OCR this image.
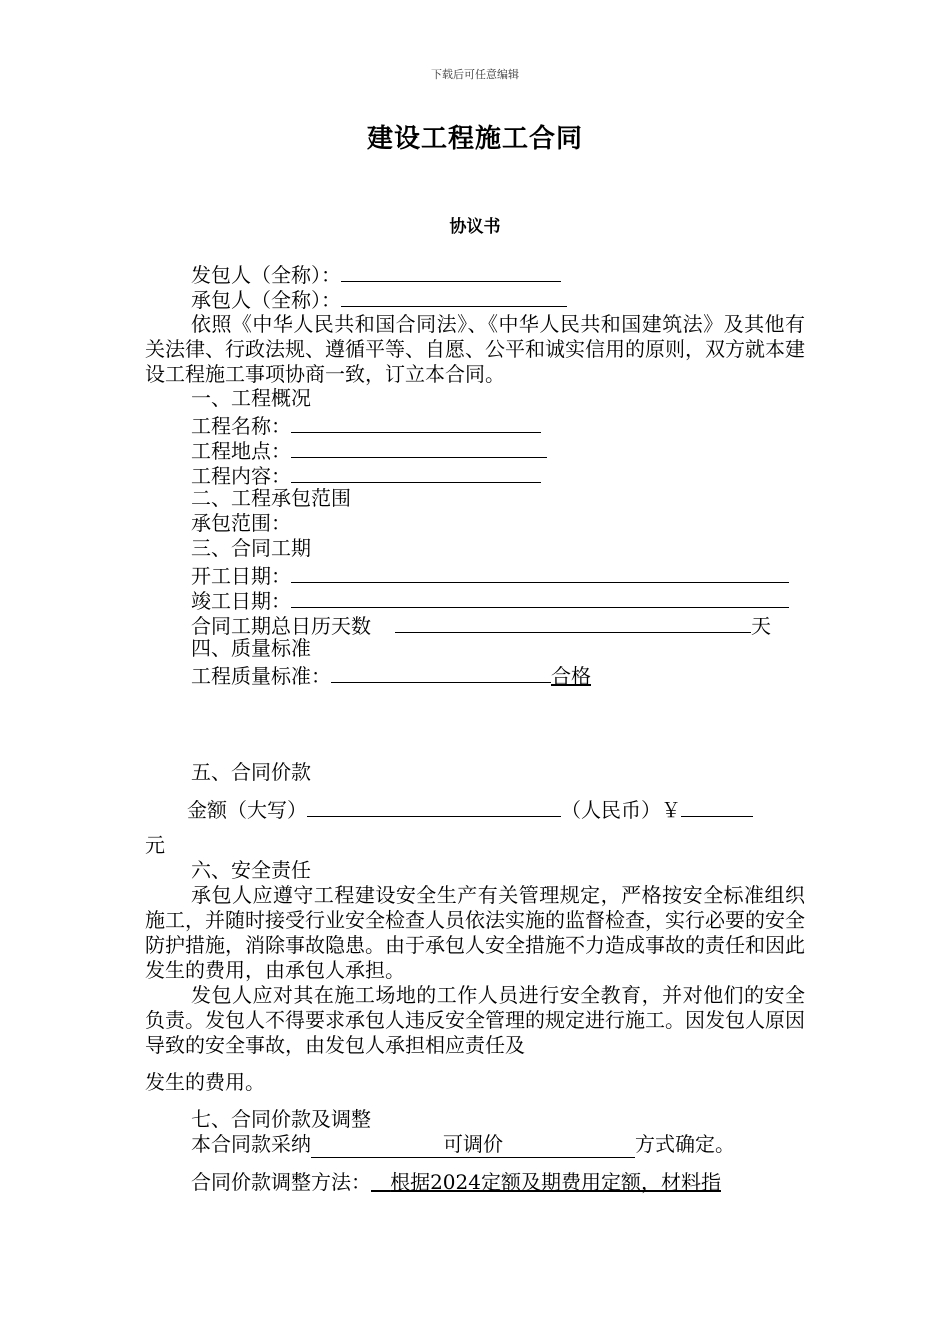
下载后可任意编辑
建设工程施工合同
协议书
发包人（全称）：
承包人（全称）：
依照《中华人民共和国合同法》、《中华人民共和国建筑法》及其他有关法律、行政法规、遵循平等、自愿、公平和诚实信用的原则，双方就本建设工程施工事项协商一致，订立本合同。
一、工程概况
工程名称：
工程地点：
工程内容：
二、工程承包范围
承包范围：
三、合同工期
开工日期：
竣工日期：
合同工期总日历天数	天
四、质量标准
工程质量标准：	合格
五、合同价款
金额（大写）	（人民币）￥
元
六、安全责任
承包人应遵守工程建设安全生产有关管理规定，严格按安全标准组织施工，并随时接受行业安全检查人员依法实施的监督检查，实行必要的安全防护措施，消除事故隐患。由于承包人安全措施不力造成事故的责任和因此发生的费用，由承包人承担。
发包人应对其在施工场地的工作人员进行安全教育，并对他们的安全负责。发包人不得要求承包人违反安全管理的规定进行施工。因发包人原因导致的安全事故，由发包人承担相应责任及
发生的费用。
七、合同价款及调整
本合同款采纳	可调价	方式确定。
合同价款调整方法： 根据2024定额及期费用定额，材料指
